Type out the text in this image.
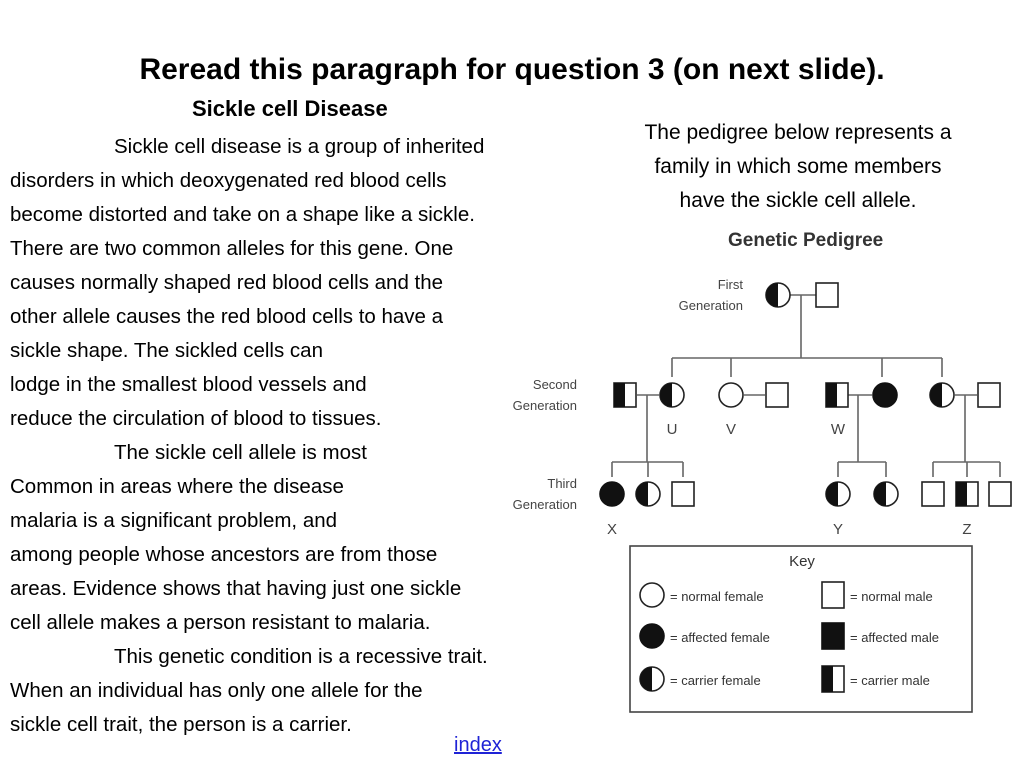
Reread this paragraph for question 3 (on next slide).
Sickle cell Disease
Sickle cell disease is a group of inherited
disorders in which deoxygenated red blood cells
become distorted and take on a shape like a sickle.
There are two common alleles for this gene. One
causes normally shaped red blood cells and the
other allele causes the red blood cells to have a
sickle shape. The sickled cells can
lodge in the smallest blood vessels and
reduce the circulation of blood to tissues.
The sickle cell allele is most
Common in areas where the disease
malaria is a significant problem, and
among people whose ancestors are from those
areas. Evidence shows that having just one sickle
cell allele makes a person resistant to malaria.
This genetic condition is a recessive trait.
When an individual has only one allele for the
sickle cell trait, the person is a carrier.
The pedigree below represents a
family in which some members
have the sickle cell allele.
Genetic Pedigree
First
Generation
Second
Generation
Third
Generation
U	V	W
X	Y	Z
Key
= normal female
= affected female
= carrier female
= normal male
= affected male
= carrier male
index
